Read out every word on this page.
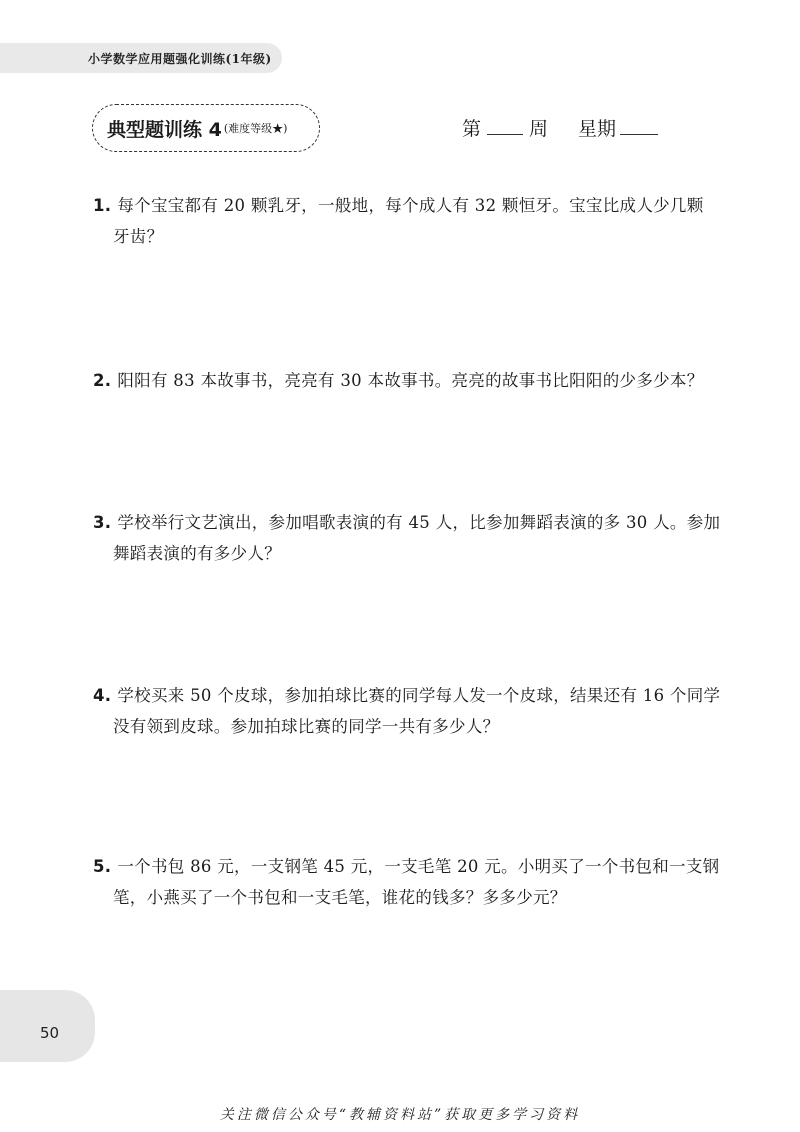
小学数学应用题强化训练(1年级)
典型题训练 4 (难度等级★)	第	周 星期
1. 每个宝宝都有 20 颗乳牙，一般地，每个成人有 32 颗恒牙。宝宝比成人少几颗
牙齿？
2. 阳阳有 83 本故事书，亮亮有 30 本故事书。亮亮的故事书比阳阳的少多少本？
3. 学校举行文艺演出，参加唱歌表演的有 45 人，比参加舞蹈表演的多 30 人。参加
舞蹈表演的有多少人？
4. 学校买来 50 个皮球，参加拍球比赛的同学每人发一个皮球，结果还有 16 个同学
没有领到皮球。参加拍球比赛的同学一共有多少人？
5. 一个书包 86 元，一支钢笔 45 元，一支毛笔 20 元。小明买了一个书包和一支钢
笔，小燕买了一个书包和一支毛笔，谁花的钱多？多多少元？
50
关注微信公众号“教辅资料站”获取更多学习资料
